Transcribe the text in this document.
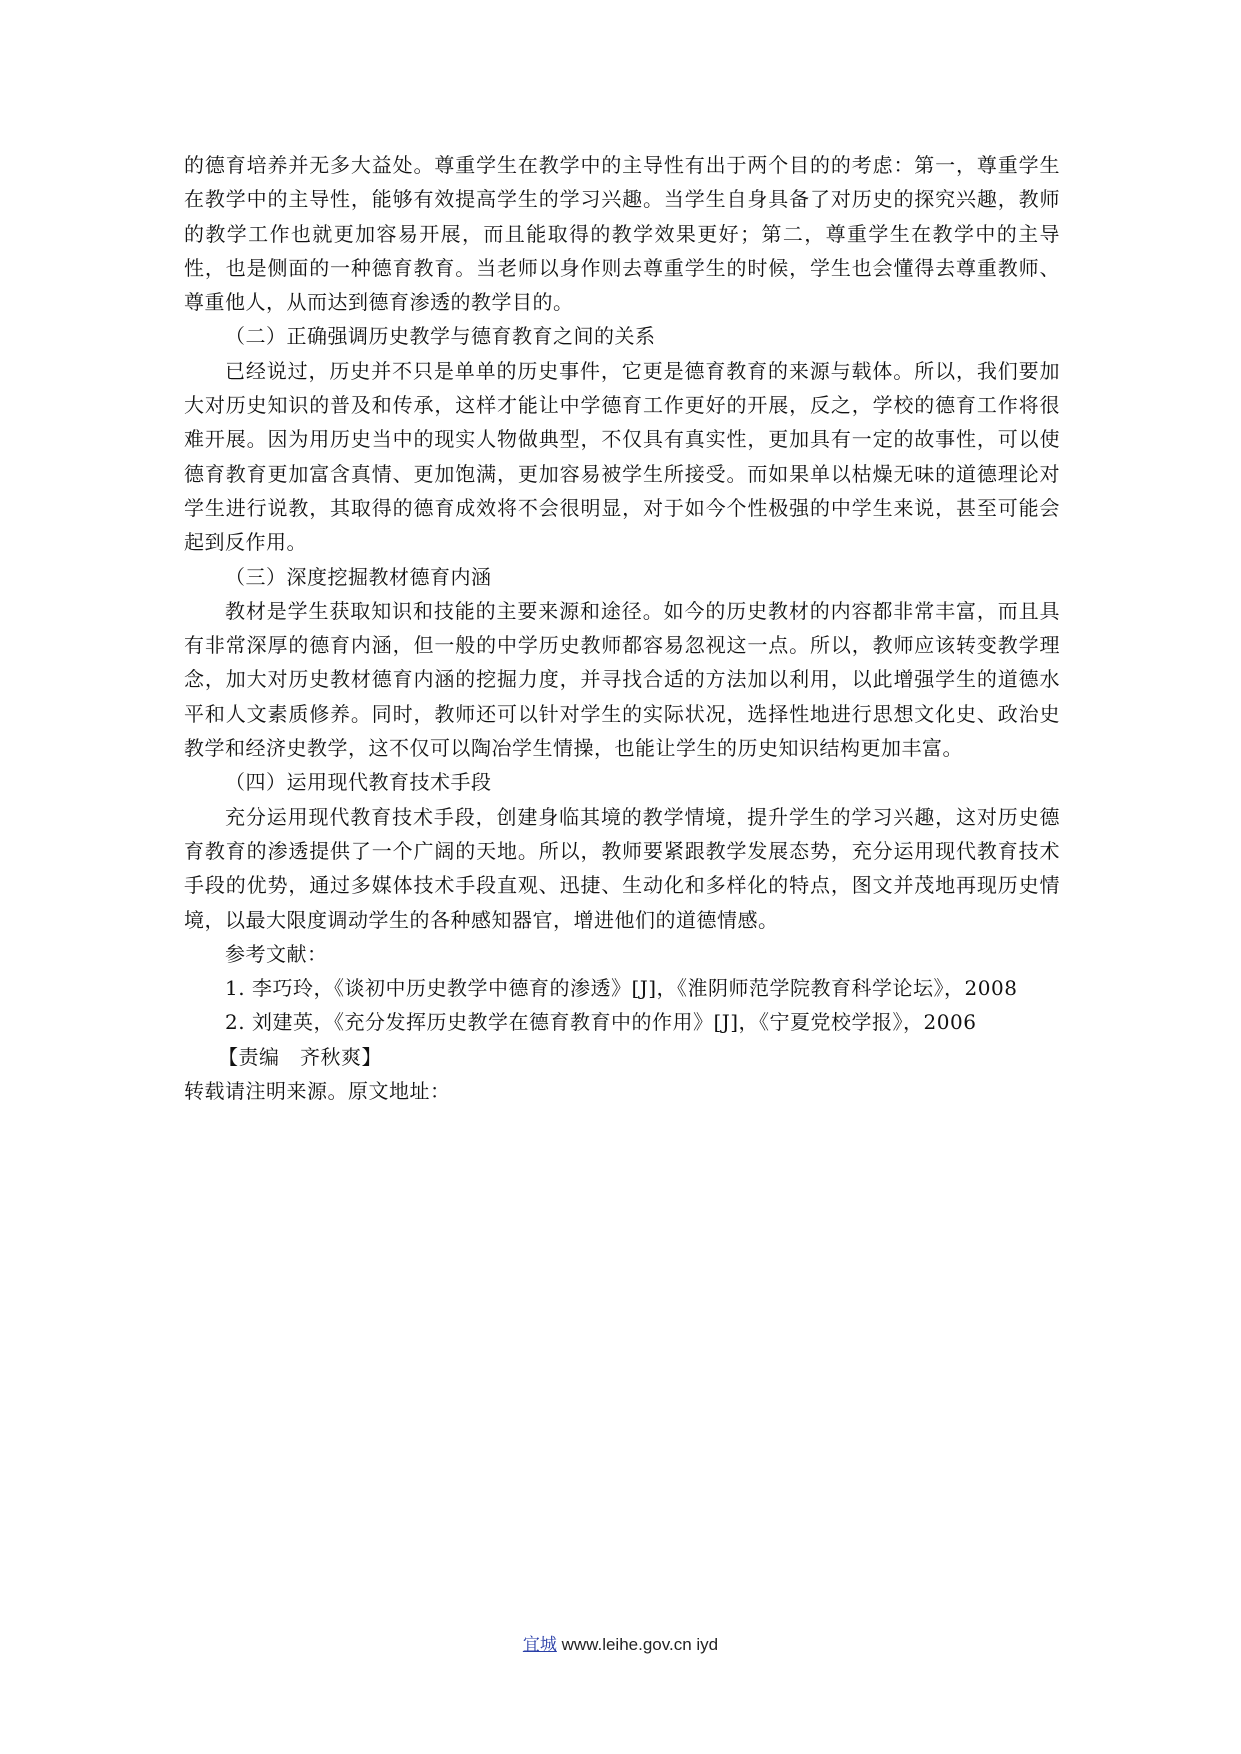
的德育培养并无多大益处。尊重学生在教学中的主导性有出于两个目的的考虑：第一，尊重学生在教学中的主导性，能够有效提高学生的学习兴趣。当学生自身具备了对历史的探究兴趣，教师的教学工作也就更加容易开展，而且能取得的教学效果更好；第二，尊重学生在教学中的主导性，也是侧面的一种德育教育。当老师以身作则去尊重学生的时候，学生也会懂得去尊重教师、尊重他人，从而达到德育渗透的教学目的。

（二）正确强调历史教学与德育教育之间的关系

已经说过，历史并不只是单单的历史事件，它更是德育教育的来源与载体。所以，我们要加大对历史知识的普及和传承，这样才能让中学德育工作更好的开展，反之，学校的德育工作将很难开展。因为用历史当中的现实人物做典型，不仅具有真实性，更加具有一定的故事性，可以使德育教育更加富含真情、更加饱满，更加容易被学生所接受。而如果单以枯燥无味的道德理论对学生进行说教，其取得的德育成效将不会很明显，对于如今个性极强的中学生来说，甚至可能会起到反作用。

（三）深度挖掘教材德育内涵

教材是学生获取知识和技能的主要来源和途径。如今的历史教材的内容都非常丰富，而且具有非常深厚的德育内涵，但一般的中学历史教师都容易忽视这一点。所以，教师应该转变教学理念，加大对历史教材德育内涵的挖掘力度，并寻找合适的方法加以利用，以此增强学生的道德水平和人文素质修养。同时，教师还可以针对学生的实际状况，选择性地进行思想文化史、政治史教学和经济史教学，这不仅可以陶冶学生情操，也能让学生的历史知识结构更加丰富。

（四）运用现代教育技术手段

充分运用现代教育技术手段，创建身临其境的教学情境，提升学生的学习兴趣，这对历史德育教育的渗透提供了一个广阔的天地。所以，教师要紧跟教学发展态势，充分运用现代教育技术手段的优势，通过多媒体技术手段直观、迅捷、生动化和多样化的特点，图文并茂地再现历史情境，以最大限度调动学生的各种感知器官，增进他们的道德情感。

参考文献：

1. 李巧玲，《谈初中历史教学中德育的渗透》[J]，《淮阴师范学院教育科学论坛》，2008

2. 刘建英，《充分发挥历史教学在德育教育中的作用》[J]，《宁夏党校学报》，2006

【责编　齐秋爽】

转载请注明来源。原文地址：

宜城 www.leihe.gov.cn iyd
